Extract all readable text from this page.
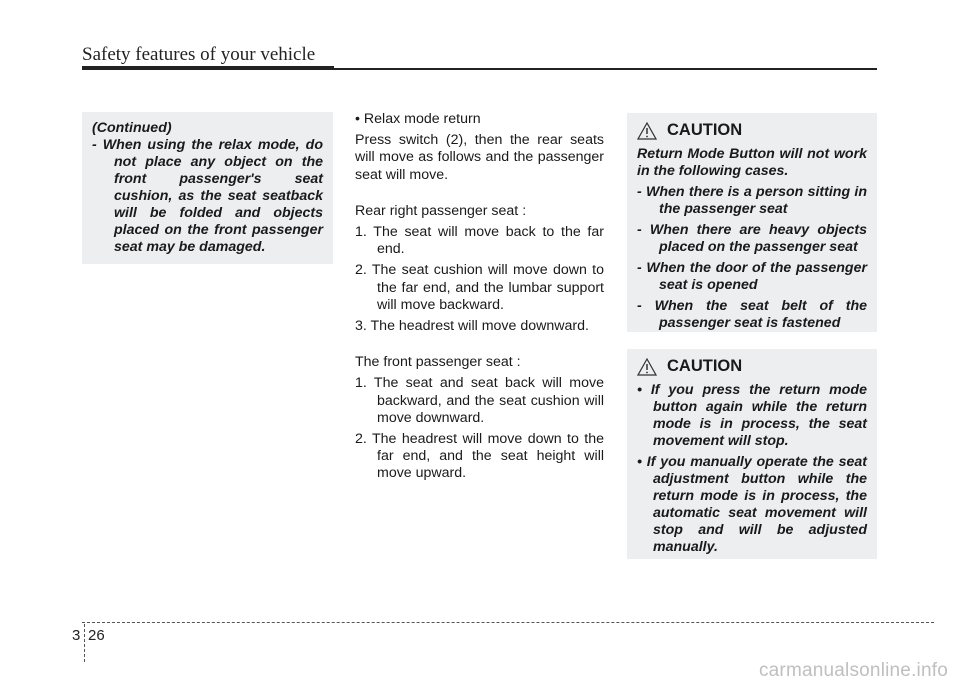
Safety features of your vehicle
(Continued)
- When using the relax mode, do not place any object on the front passenger's seat cushion, as the seat seatback will be folded and objects placed on the front passenger seat may be damaged.

• Relax mode return

Press switch (2), then the rear seats will move as follows and the passenger seat will move.

Rear right passenger seat :

1. The seat will move back to the far end.
2. The seat cushion will move down to the far end, and the lumbar support will move backward.
3. The headrest will move downward.

The front passenger seat :

1. The seat and seat back will move backward, and the seat cushion will move downward.
2. The headrest will move down to the far end, and the seat height will move upward.
CAUTION
Return Mode Button will not work in the following cases.
- When there is a person sitting in the passenger seat
- When there are heavy objects placed on the passenger seat
- When the door of the passenger seat is opened
- When the seat belt of the passenger seat is fastened
CAUTION
• If you press the return mode button again while the return mode is in process, the seat movement will stop.
• If you manually operate the seat adjustment button while the return mode is in process, the automatic seat movement will stop and will be adjusted manually.
3 26
carmanualsonline.info
